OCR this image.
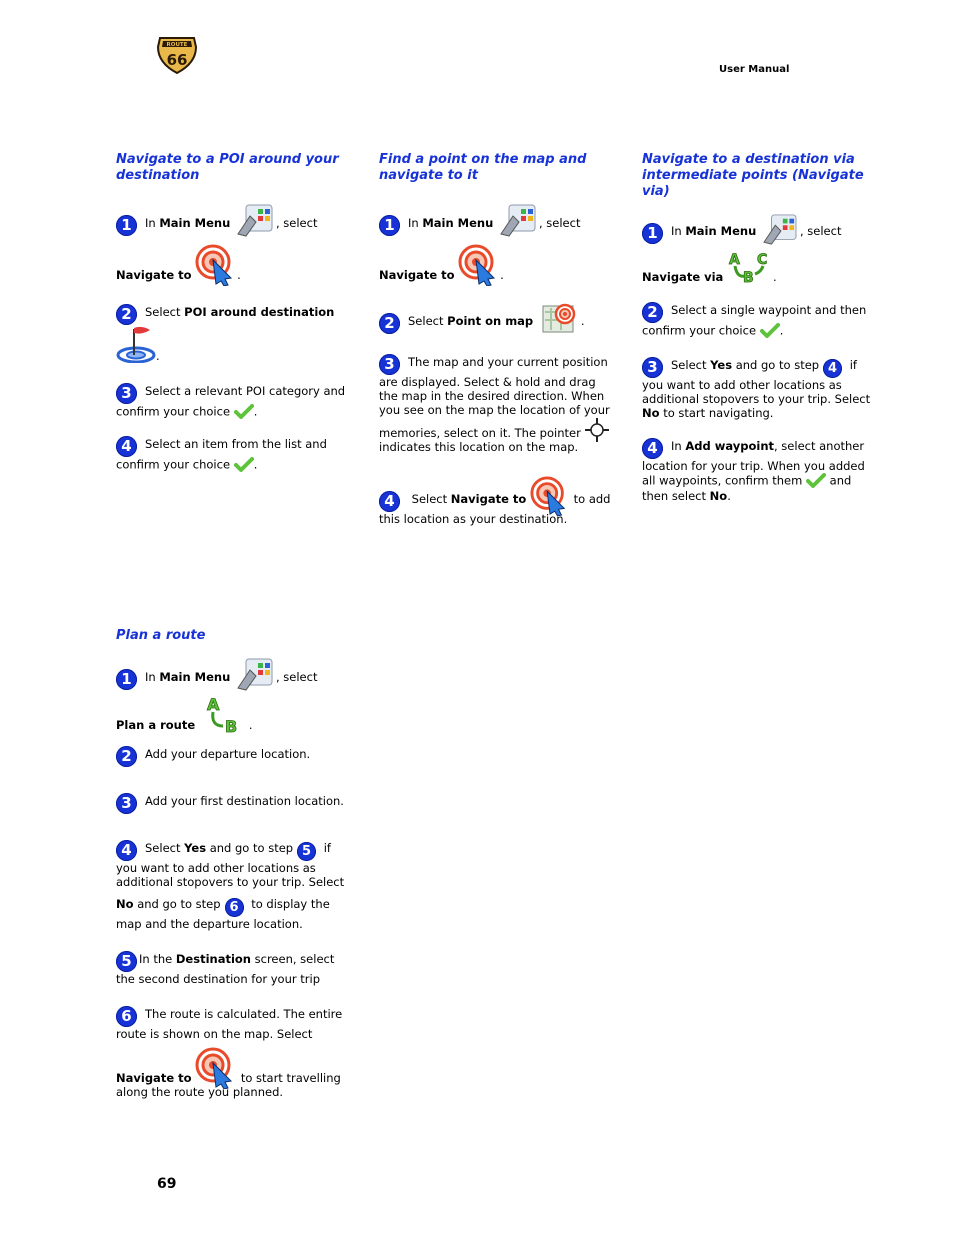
ROUTE
66
User Manual
Navigate to a POI around your destination
1 In Main Menu	, select
Navigate to	.
2 Select POI around destination
.
3 Select a relevant POI category and confirm your choice .
4 Select an item from the list and confirm your choice .
Find a point on the map and navigate to it
1 In Main Menu	, select
Navigate to	.
2 Select Point on map	.
3 The map and your current position are displayed. Select & hold and drag the map in the desired direction. When you see on the map the location of your memories, select on it. The pointer  indicates this location on the map.
4 Select Navigate to	to add this location as your destination.
Navigate to a destination via intermediate points (Navigate via)
1 In Main Menu	, select
Navigate via
A
B
C
.
2 Select a single waypoint and then confirm your choice .
3 Select Yes and go to step 4 if you want to add other locations as additional stopovers to your trip. Select No to start navigating.
4 In Add waypoint, select another location for your trip. When you added all waypoints, confirm them and then select No.
Plan a route
1 In Main Menu	, select
Plan a route
A
B .
2 Add your departure location.
3 Add your first destination location.
4 Select Yes and go to step 5 if you want to add other locations as additional stopovers to your trip. Select
No and go to step 6 to display the map and the departure location.
5 In the Destination screen, select the second destination for your trip
6 The route is calculated. The entire route is shown on the map. Select
Navigate to	to start travelling along the route you planned.
69
